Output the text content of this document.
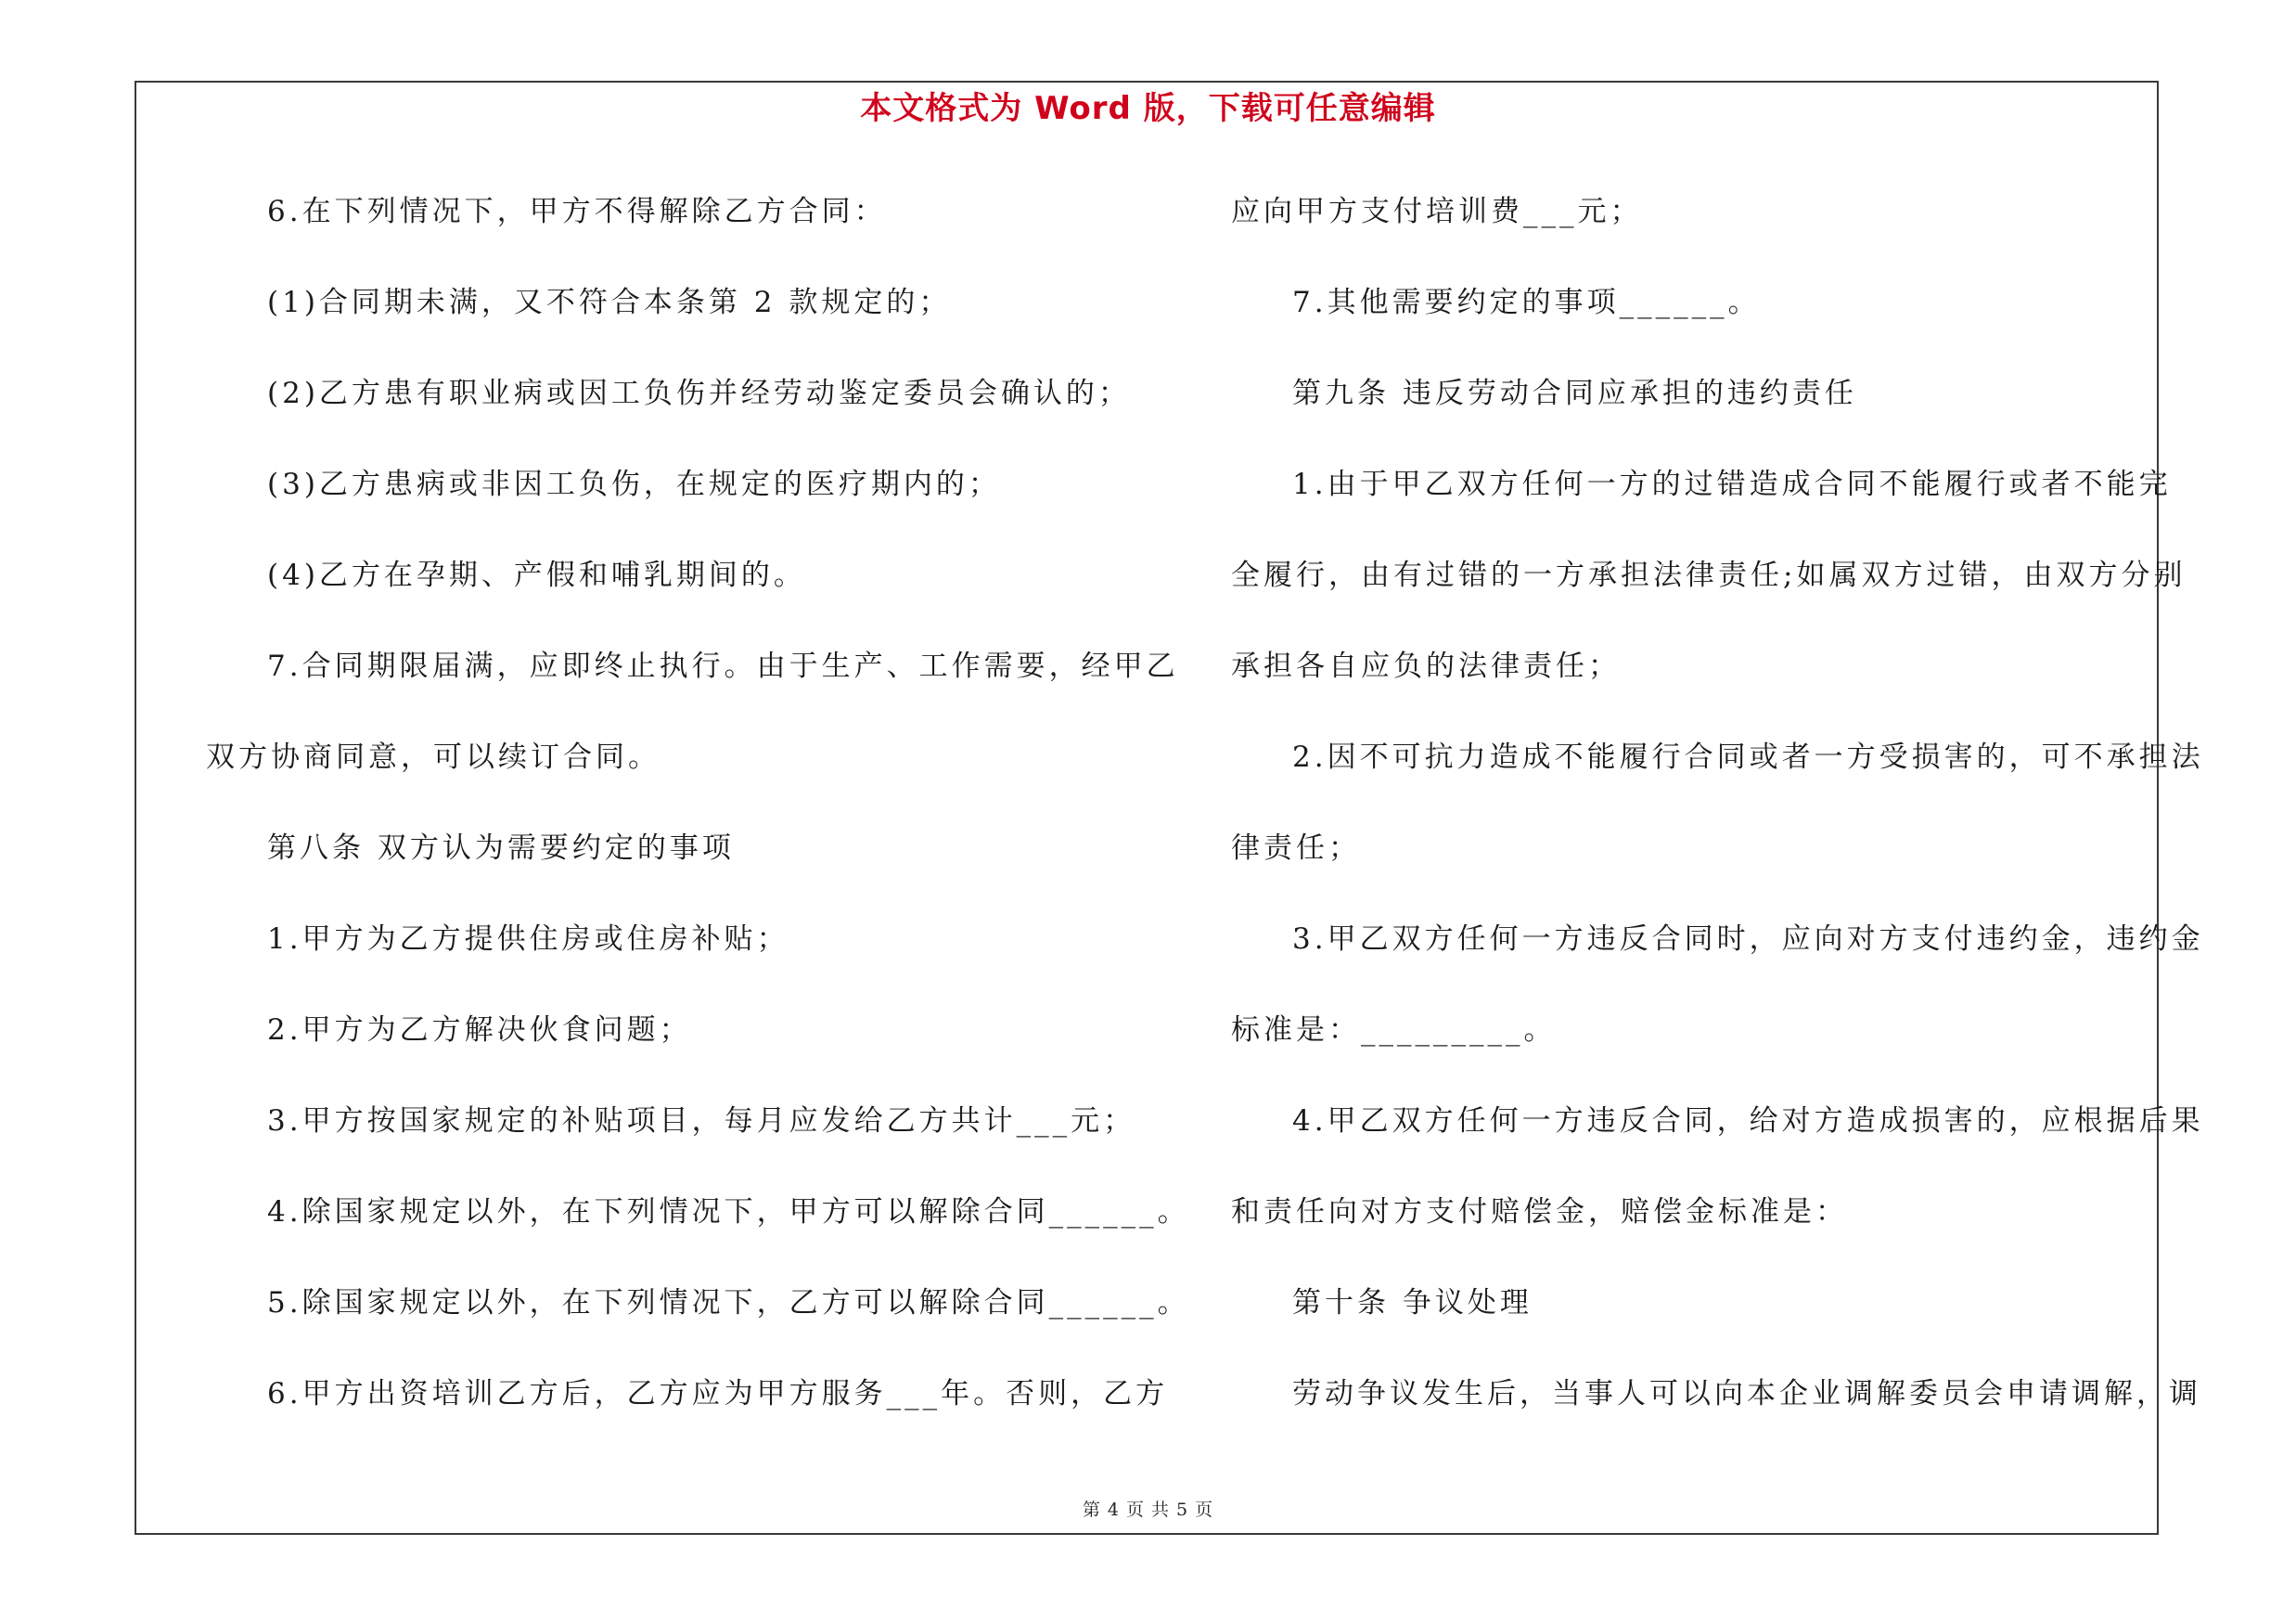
本文格式为 Word 版，下载可任意编辑
6.在下列情况下，甲方不得解除乙方合同：
(1)合同期未满，又不符合本条第 2 款规定的；
(2)乙方患有职业病或因工负伤并经劳动鉴定委员会确认的；
(3)乙方患病或非因工负伤，在规定的医疗期内的；
(4)乙方在孕期、产假和哺乳期间的。
7.合同期限届满，应即终止执行。由于生产、工作需要，经甲乙
双方协商同意，可以续订合同。
第八条 双方认为需要约定的事项
1.甲方为乙方提供住房或住房补贴；
2.甲方为乙方解决伙食问题；
3.甲方按国家规定的补贴项目，每月应发给乙方共计___元；
4.除国家规定以外，在下列情况下，甲方可以解除合同______。
5.除国家规定以外，在下列情况下，乙方可以解除合同______。
6.甲方出资培训乙方后，乙方应为甲方服务___年。否则，乙方
应向甲方支付培训费___元；
7.其他需要约定的事项______。
第九条 违反劳动合同应承担的违约责任
1.由于甲乙双方任何一方的过错造成合同不能履行或者不能完
全履行，由有过错的一方承担法律责任;如属双方过错，由双方分别
承担各自应负的法律责任；
2.因不可抗力造成不能履行合同或者一方受损害的，可不承担法
律责任；
3.甲乙双方任何一方违反合同时，应向对方支付违约金，违约金
标准是：_________。
4.甲乙双方任何一方违反合同，给对方造成损害的，应根据后果
和责任向对方支付赔偿金，赔偿金标准是：
第十条 争议处理
劳动争议发生后，当事人可以向本企业调解委员会申请调解，调
第 4 页 共 5 页
